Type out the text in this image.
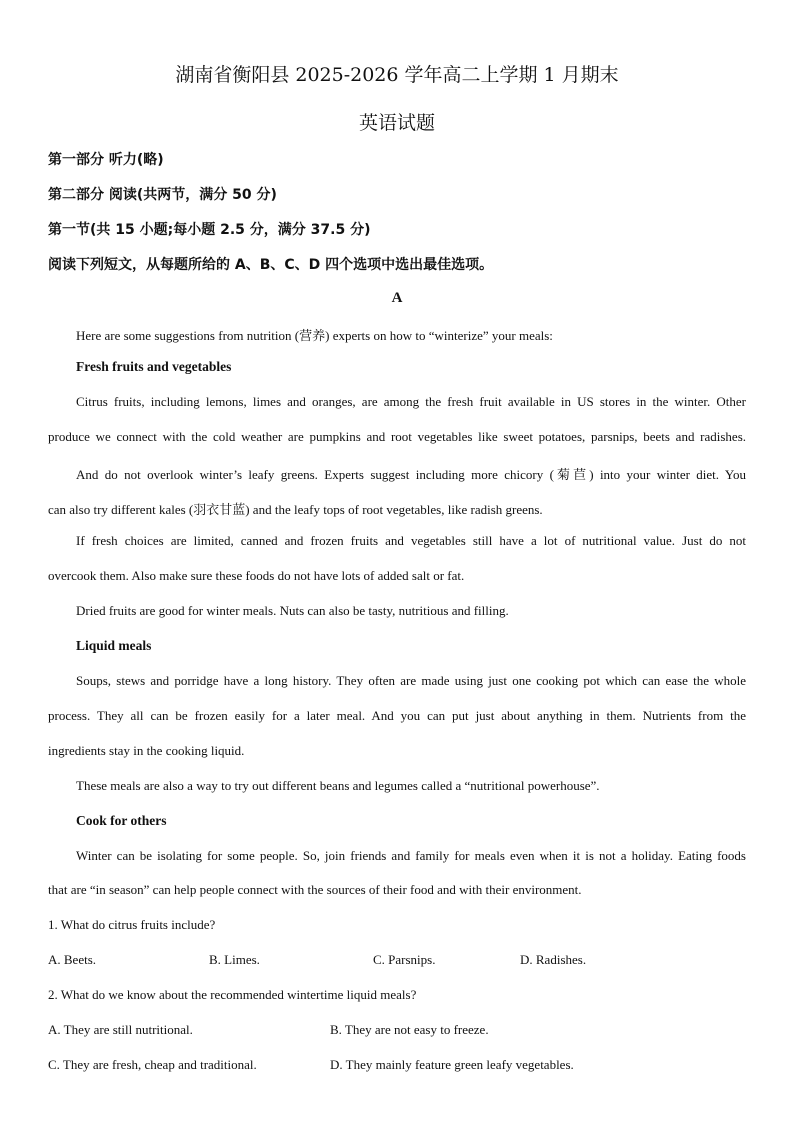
湖南省衡阳县 2025-2026 学年高二上学期 1 月期末
英语试题
第一部分 听力(略)
第二部分 阅读(共两节，满分 50 分)
第一节(共 15 小题;每小题 2.5 分，满分 37.5 分)
阅读下列短文，从每题所给的 A、B、C、D 四个选项中选出最佳选项。
A
Here are some suggestions from nutrition (营养) experts on how to “winterize” your meals:
Fresh fruits and vegetables
Citrus fruits, including lemons, limes and oranges, are among the fresh fruit available in US stores in the winter. Other
produce we connect with the cold weather are pumpkins and root vegetables like sweet potatoes, parsnips, beets and radishes.
And do not overlook winter’s leafy greens. Experts suggest including more chicory (菊苣) into your winter diet. You
can also try different kales (羽衣甘蓝) and the leafy tops of root vegetables, like radish greens.
If fresh choices are limited, canned and frozen fruits and vegetables still have a lot of nutritional value. Just do not
overcook them. Also make sure these foods do not have lots of added salt or fat.
Dried fruits are good for winter meals. Nuts can also be tasty, nutritious and filling.
Liquid meals
Soups, stews and porridge have a long history. They often are made using just one cooking pot which can ease the whole
process. They all can be frozen easily for a later meal. And you can put just about anything in them. Nutrients from the
ingredients stay in the cooking liquid.
These meals are also a way to try out different beans and legumes called a “nutritional powerhouse”.
Cook for others
Winter can be isolating for some people. So, join friends and family for meals even when it is not a holiday. Eating foods
that are “in season” can help people connect with the sources of their food and with their environment.
1. What do citrus fruits include?
A. Beets.	B. Limes.	C. Parsnips.	D. Radishes.
2. What do we know about the recommended wintertime liquid meals?
A. They are still nutritional.	B. They are not easy to freeze.
C. They are fresh, cheap and traditional.	D. They mainly feature green leafy vegetables.
